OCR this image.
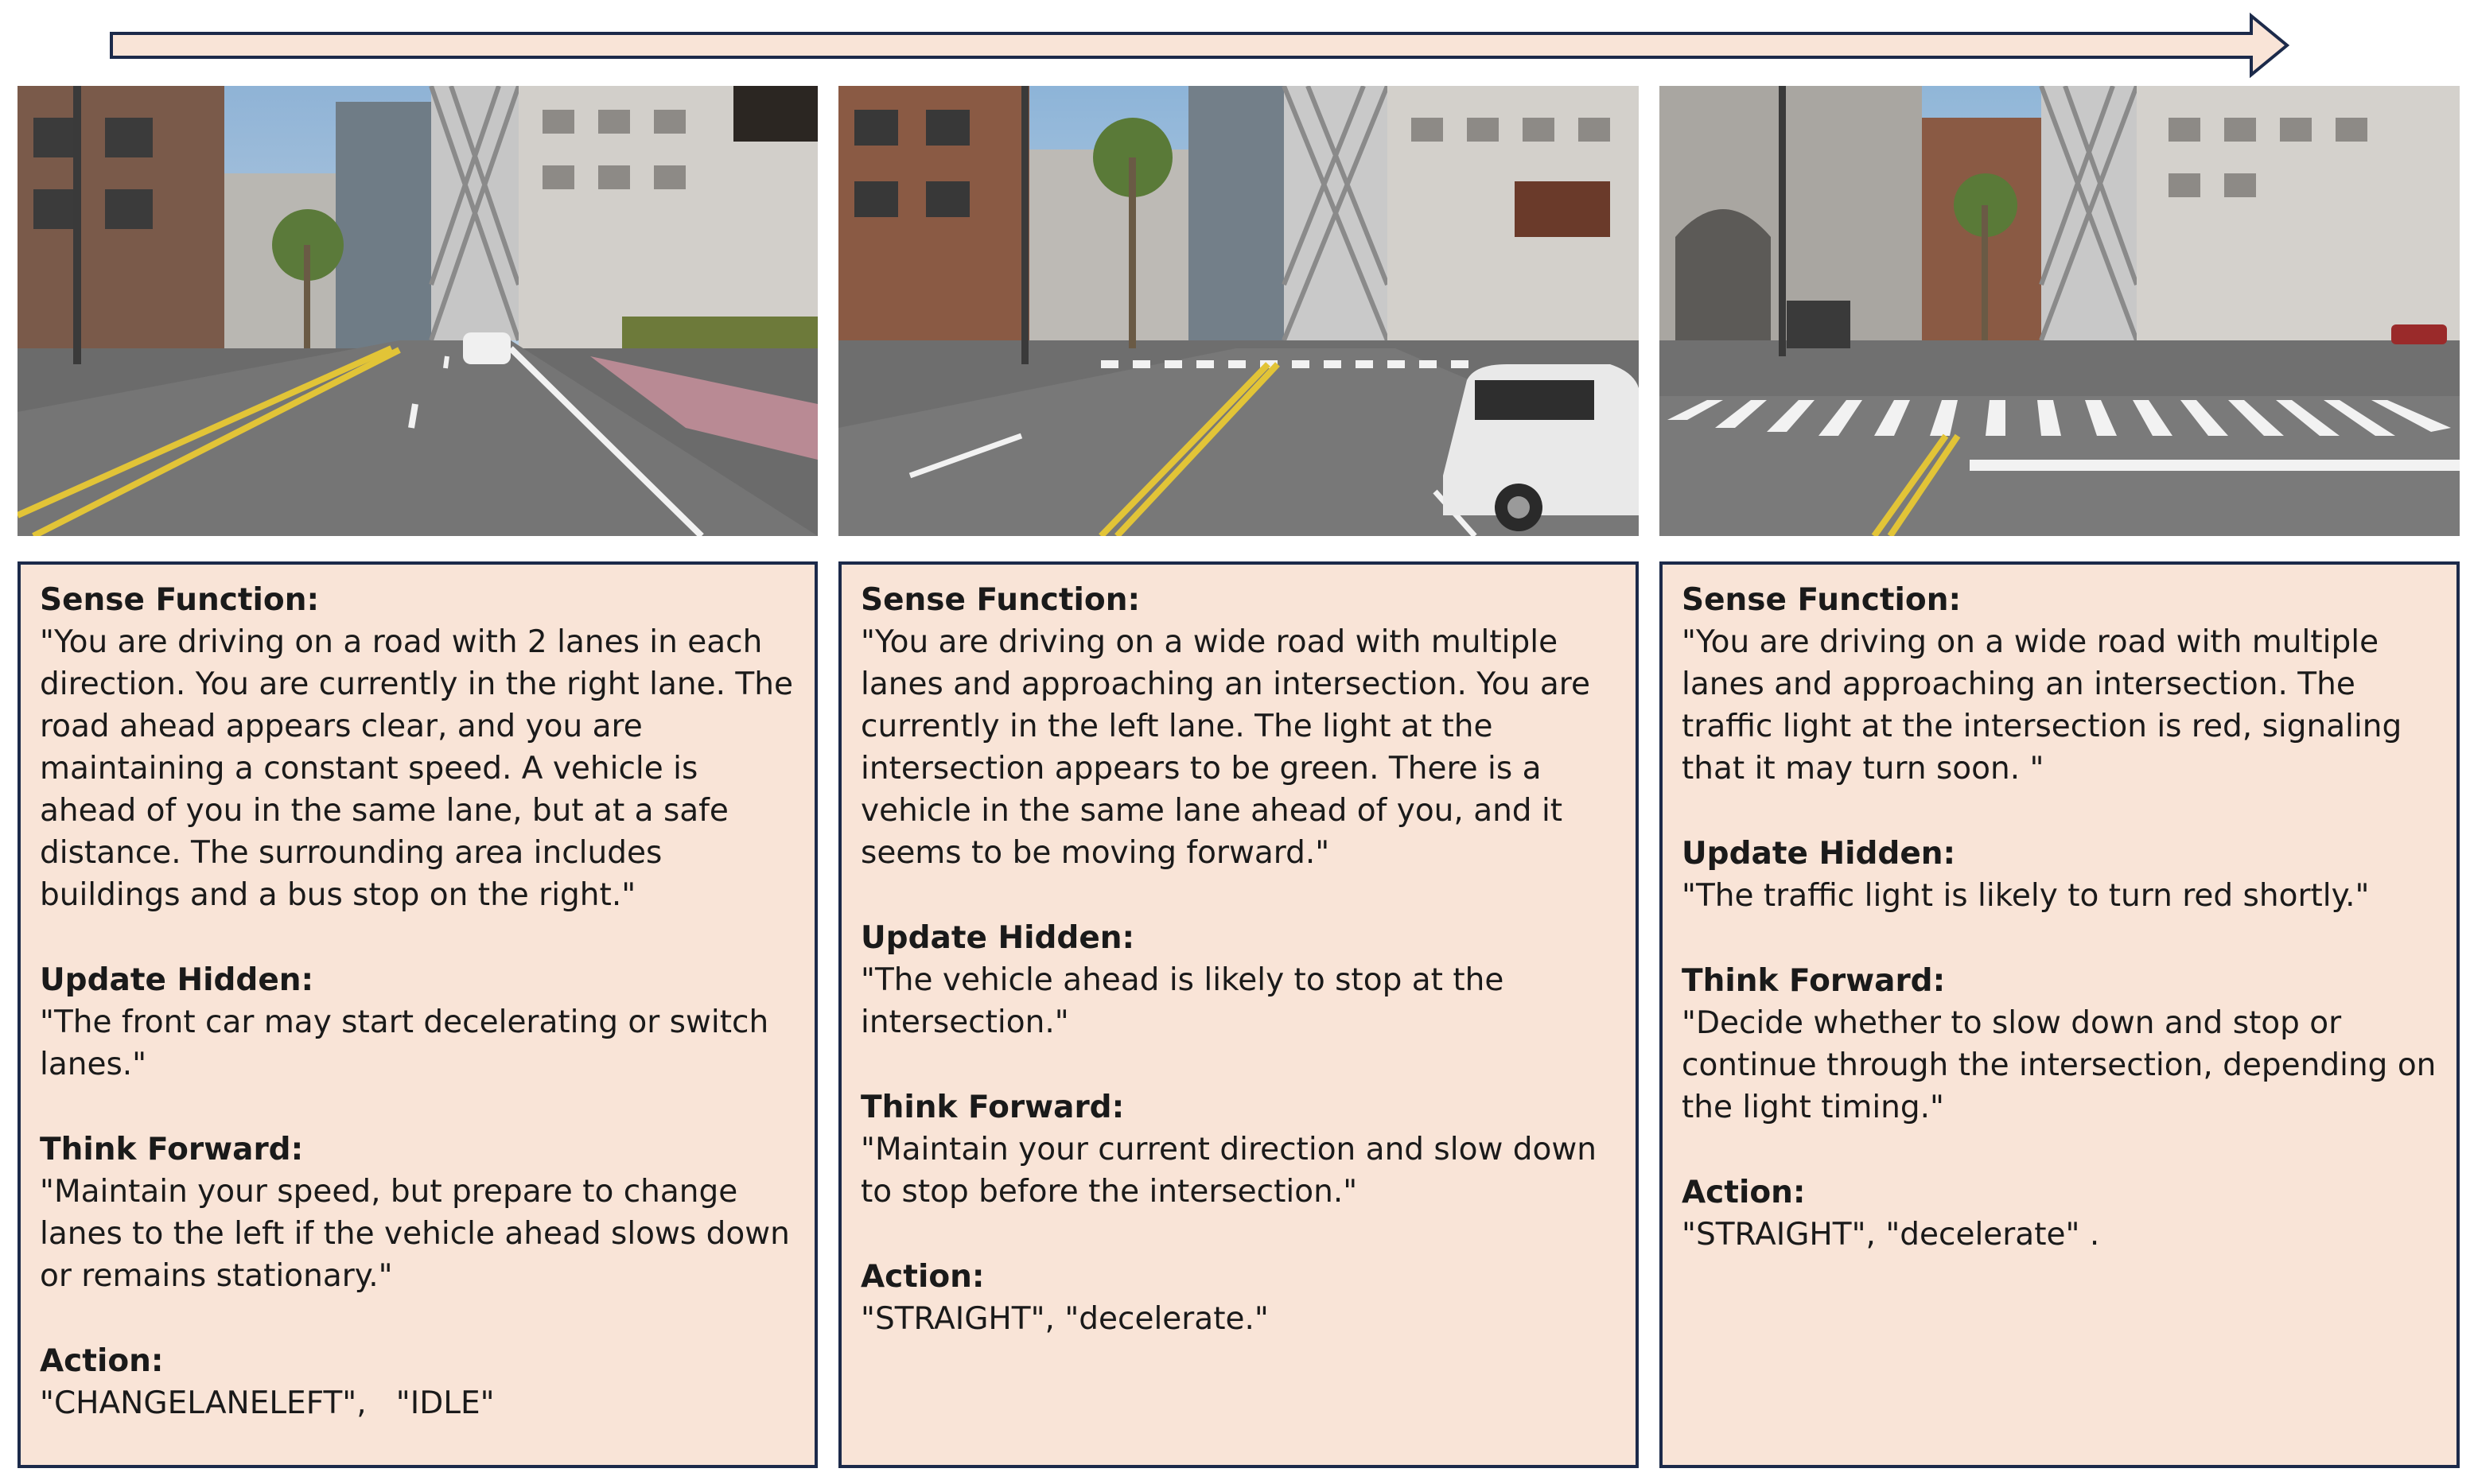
Sense Function:
"You are driving on a road with 2 lanes in each direction. You are currently in the right lane. The road ahead appears clear, and you are maintaining a constant speed. A vehicle is ahead of you in the same lane, but at a safe distance. The surrounding area includes buildings and a bus stop on the right."
Update Hidden:
"The front car may start decelerating or switch lanes."
Think Forward:
"Maintain your speed, but prepare to change lanes to the left if the vehicle ahead slows down or remains stationary."
Action:
"CHANGELANELEFT",   "IDLE"
Sense Function:
"You are driving on a wide road with multiple lanes and approaching an intersection. You are currently in the left lane. The light at the intersection appears to be green. There is a vehicle in the same lane ahead of you, and it seems to be moving forward."
Update Hidden:
"The vehicle ahead is likely to stop at the intersection."
Think Forward:
"Maintain your current direction and slow down to stop before the intersection."
Action:
"STRAIGHT", "decelerate."
Sense Function:
"You are driving on a wide road with multiple lanes and approaching an intersection. The traffic light at the intersection is red, signaling that it may turn soon. "
Update Hidden:
"The traffic light is likely to turn red shortly."
Think Forward:
"Decide whether to slow down and stop or continue through the intersection, depending on the light timing."
Action:
"STRAIGHT", "decelerate" .
